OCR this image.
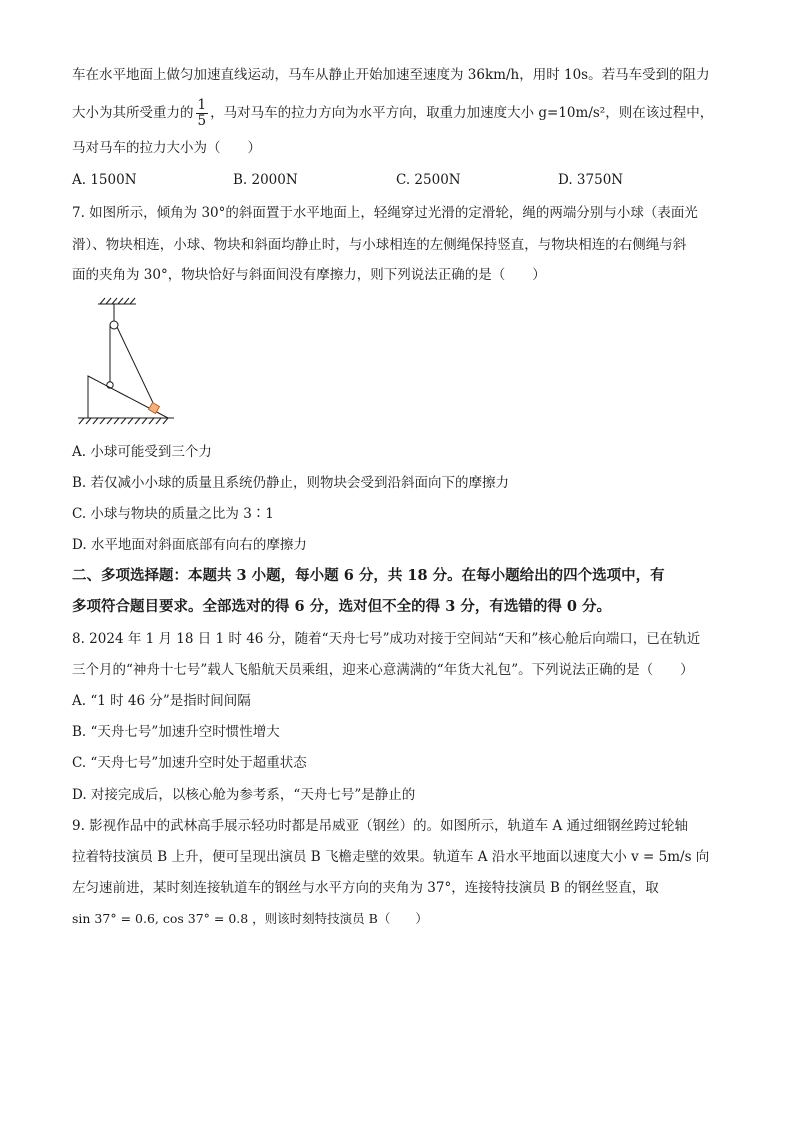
车在水平地面上做匀加速直线运动，马车从静止开始加速至速度为 36km/h，用时 10s。若马车受到的阻力
大小为其所受重力的 $\frac{1}{5}$ ，马对马车的拉力方向为水平方向，取重力加速度大小 g=10m/s²，则在该过程中，
马对马车的拉力大小为（　　）
A. 1500N	B. 2000N	C. 2500N	D. 3750N
7. 如图所示，倾角为 30°的斜面置于水平地面上，轻绳穿过光滑的定滑轮，绳的两端分别与小球（表面光
滑）、物块相连，小球、物块和斜面均静止时，与小球相连的左侧绳保持竖直，与物块相连的右侧绳与斜
面的夹角为 30°，物块恰好与斜面间没有摩擦力，则下列说法正确的是（　　）
A. 小球可能受到三个力
B. 若仅减小小球的质量且系统仍静止，则物块会受到沿斜面向下的摩擦力
C. 小球与物块的质量之比为 3∶1
D. 水平地面对斜面底部有向右的摩擦力
二、多项选择题：本题共 3 小题，每小题 6 分，共 18 分。在每小题给出的四个选项中，有
多项符合题目要求。全部选对的得 6 分，选对但不全的得 3 分，有选错的得 0 分。
8. 2024 年 1 月 18 日 1 时 46 分，随着“天舟七号”成功对接于空间站“天和”核心舱后向端口，已在轨近
三个月的“神舟十七号”载人飞船航天员乘组，迎来心意满满的“年货大礼包”。下列说法正确的是（　　）
A. “1 时 46 分”是指时间间隔
B. “天舟七号”加速升空时惯性增大
C. “天舟七号”加速升空时处于超重状态
D. 对接完成后，以核心舱为参考系，“天舟七号”是静止的
9. 影视作品中的武林高手展示轻功时都是吊威亚（钢丝）的。如图所示，轨道车 A 通过细钢丝跨过轮轴
拉着特技演员 B 上升，便可呈现出演员 B 飞檐走壁的效果。轨道车 A 沿水平地面以速度大小 v = 5m/s 向
左匀速前进，某时刻连接轨道车的钢丝与水平方向的夹角为 37°，连接特技演员 B 的钢丝竖直，取
sin 37° = 0.6, cos 37° = 0.8 ，则该时刻特技演员 B（　　）
